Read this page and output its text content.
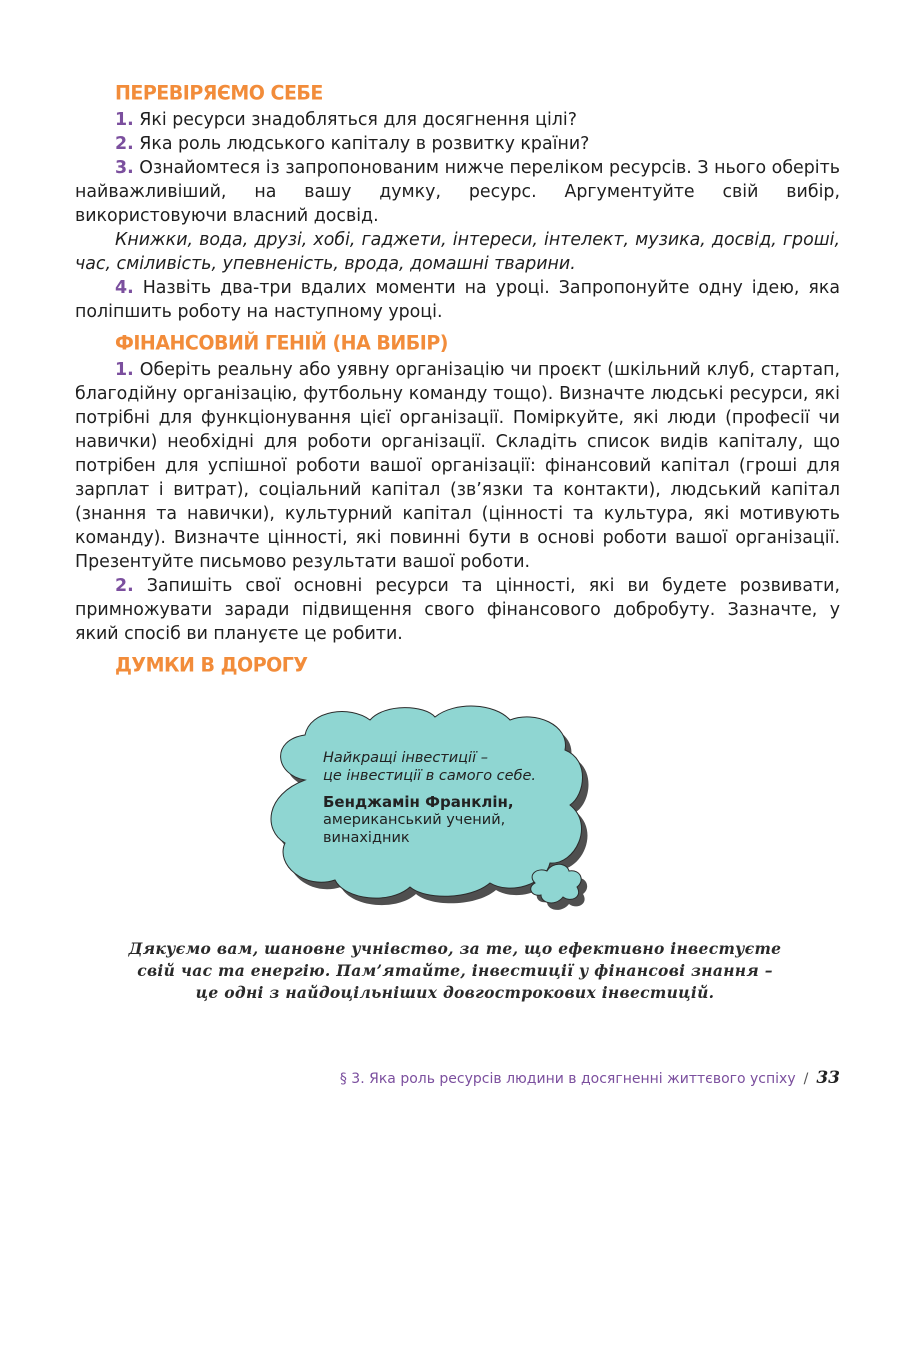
ПЕРЕВІРЯЄМО СЕБЕ

1. Які ресурси знадобляться для досягнення цілі?

2. Яка роль людського капіталу в розвитку країни?

3. Ознайомтеся із запропонованим нижче переліком ресурсів. З нього оберіть найважливіший, на вашу думку, ресурс. Аргументуйте свій вибір, використовуючи власний досвід.

Книжки, вода, друзі, хобі, гаджети, інтереси, інтелект, музика, досвід, гроші, час, сміливість, упевненість, врода, домашні тварини.

4. Назвіть два-три вдалих моменти на уроці. Запропонуйте одну ідею, яка поліпшить роботу на наступному уроці.

ФІНАНСОВИЙ ГЕНІЙ (НА ВИБІР)

1. Оберіть реальну або уявну організацію чи проєкт (шкільний клуб, стартап, благодійну організацію, футбольну команду тощо). Визначте людські ресурси, які потрібні для функціонування цієї організації. Поміркуйте, які люди (професії чи навички) необхідні для роботи організації. Складіть список видів капіталу, що потрібен для успішної роботи вашої організації: фінансовий капітал (гроші для зарплат і витрат), соціальний капітал (зв’язки та контакти), людський капітал (знання та навички), культурний капітал (цінності та культура, які мотивують команду). Визначте цінності, які повинні бути в основі роботи вашої організації. Презентуйте письмово результати вашої роботи.

2. Запишіть свої основні ресурси та цінності, які ви будете розвивати, примножувати заради підвищення свого фінансового добробуту. Зазначте, у який спосіб ви плануєте це робити.

ДУМКИ В ДОРОГУ
Найкращі інвестиції –
це інвестиції в самого себе.
Бенджамін Франклін,
американський учений,
винахідник
Дякуємо вам, шановне учнівство, за те, що ефективно інвестуєте
свій час та енергію. Пам’ятайте, інвестиції у фінансові знання –
це одні з найдоцільніших довгострокових інвестицій.
§ 3. Яка роль ресурсів людини в досягненні життєвого успіху / 33
